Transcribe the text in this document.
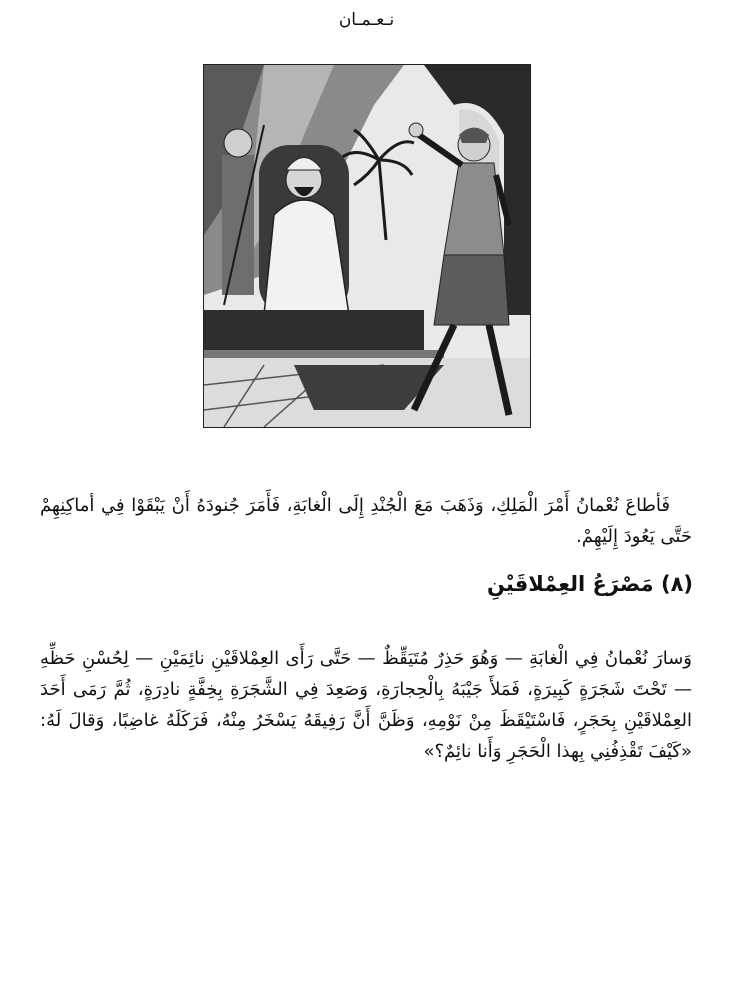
نـعـمـان

فَأطاعَ نُعْمانُ أَمْرَ الْمَلِكِ، وَذَهَبَ مَعَ الْجُنْدِ إِلَى الْغابَةِ، فَأَمَرَ جُنودَهُ أَنْ يَبْقَوْا فِي أماكِنِهِمْ حَتَّى يَعُودَ إِلَيْهِمْ.

(٨) مَصْرَعُ العِمْلاقَيْنِ

وَسارَ نُعْمانُ فِي الْغابَةِ — وَهُوَ حَذِرٌ مُتَيَقِّظٌ — حَتَّى رَأَى العِمْلاقَيْنِ نائِمَيْنِ — لِحُسْنِ حَظِّهِ — تَحْتَ شَجَرَةٍ كَبِيرَةٍ، فَمَلأَ جَيْبَهُ بِالْحِجارَةِ، وَصَعِدَ فِي الشَّجَرَةِ بِخِفَّةٍ نادِرَةٍ، ثُمَّ رَمَى أَحَدَ العِمْلاقَيْنِ بِحَجَرٍ، فَاسْتَيْقَظَ مِنْ نَوْمِهِ، وَظَنَّ أَنَّ رَفِيقَهُ يَسْخَرُ مِنْهُ، فَرَكَلَهُ غاضِبًا، وَقالَ لَهُ: «كَيْفَ تَقْذِفُنِي بِهذا الْحَجَرِ وَأَنا نائِمٌ؟»
